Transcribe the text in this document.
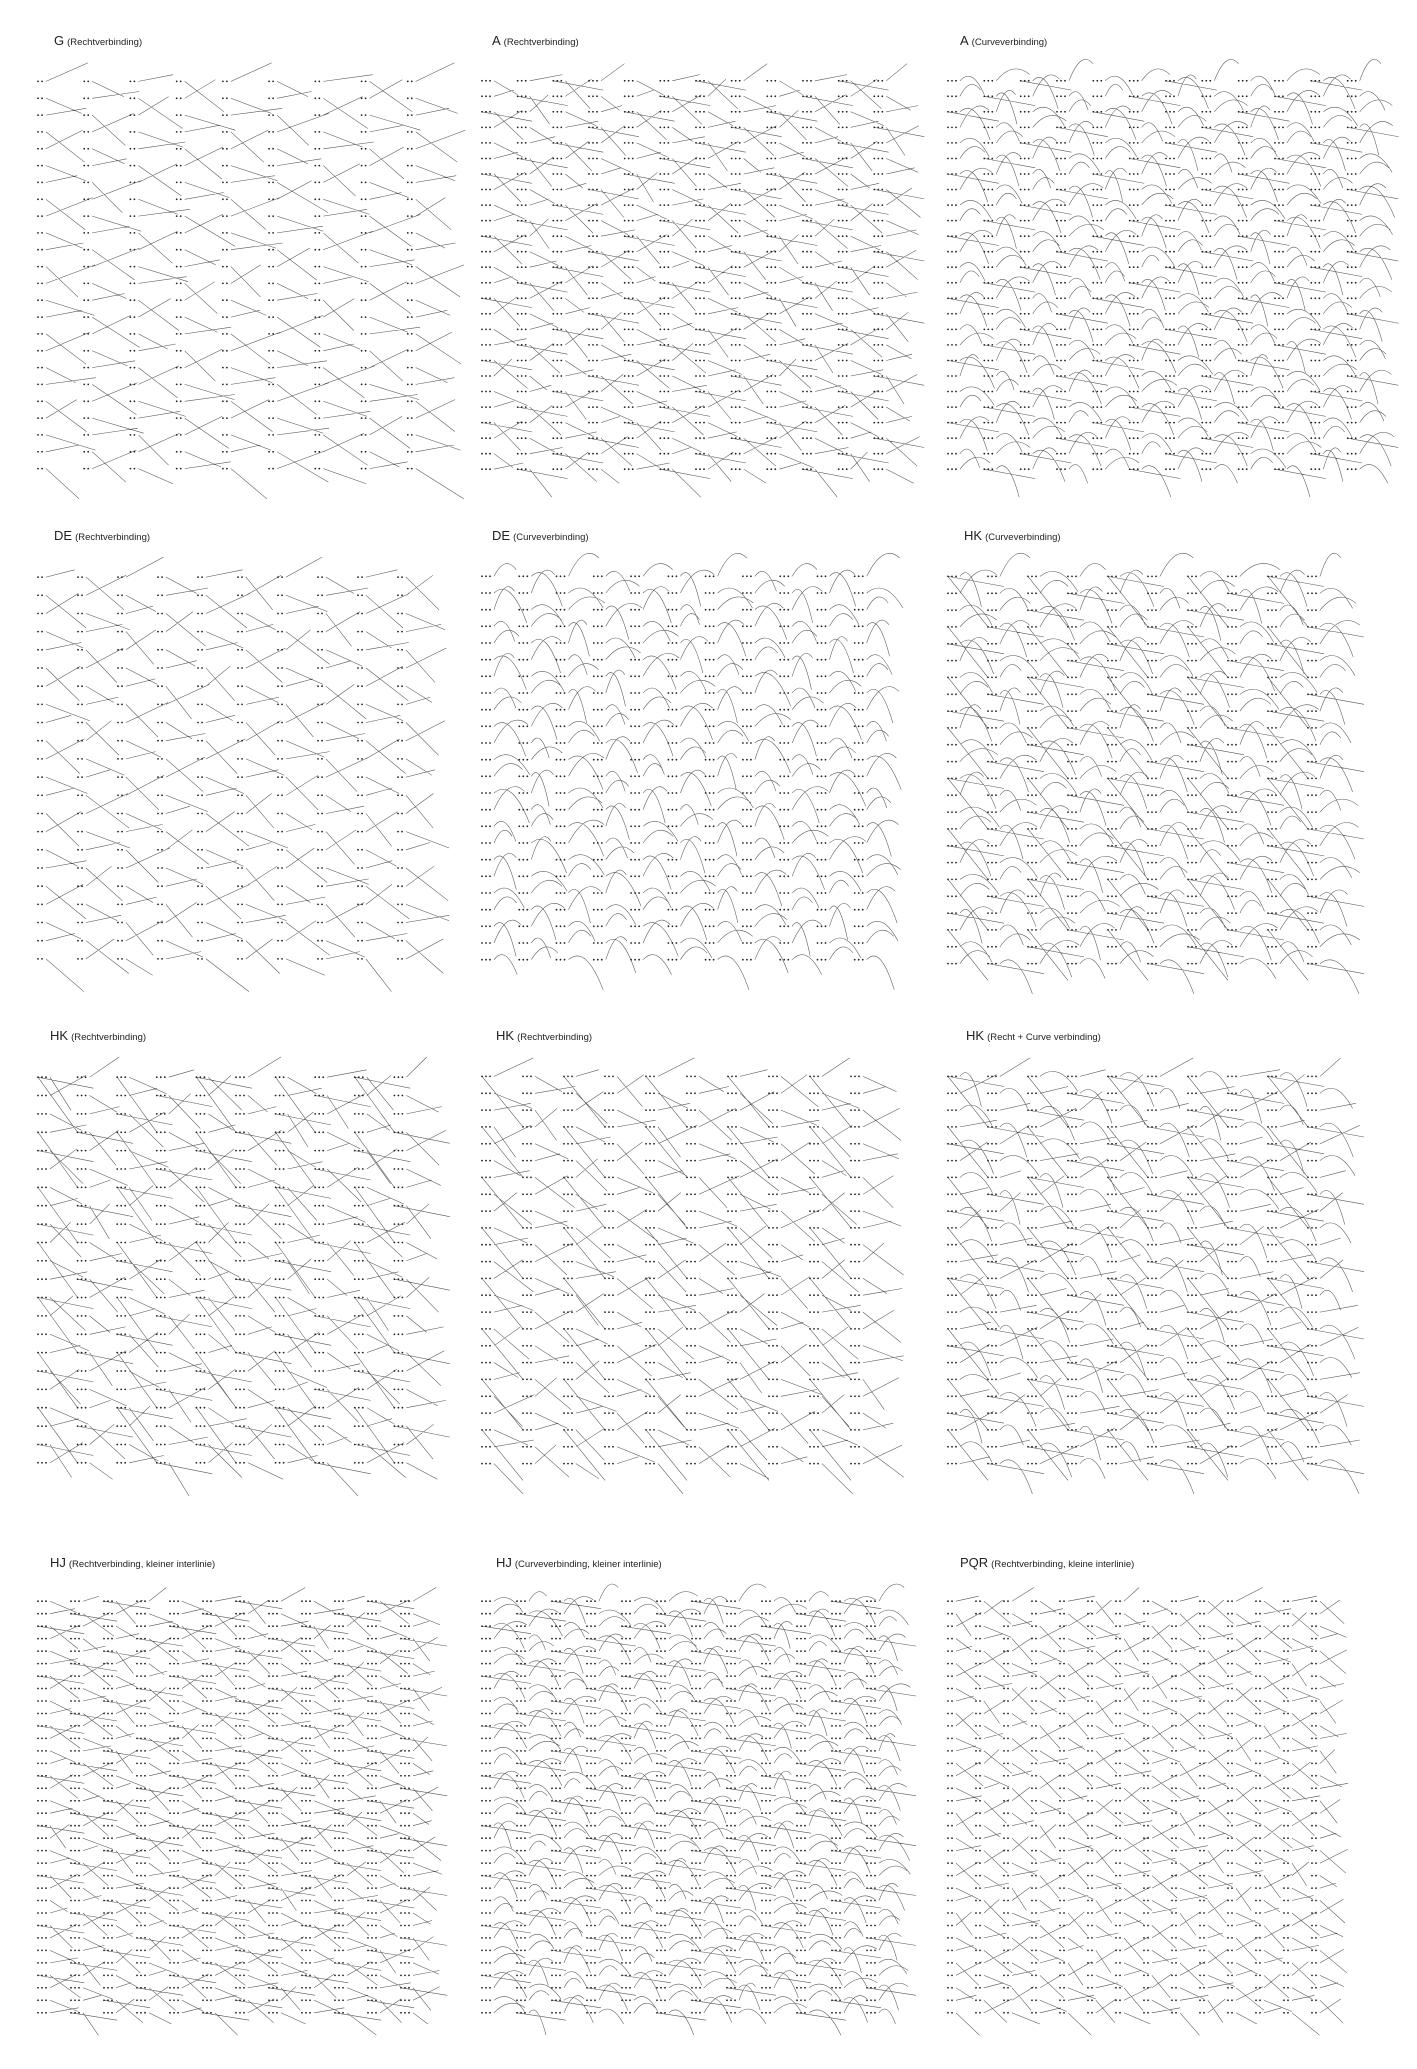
G (Rechtverbinding)	A (Rechtverbinding)	A (Curveverbinding)
DE (Rechtverbinding)	DE (Curveverbinding)	HK (Curveverbinding)
HK (Rechtverbinding)	HK (Rechtverbinding)	HK (Recht + Curve verbinding)
HJ (Rechtverbinding, kleiner interlinie)	HJ (Curveverbinding, kleiner interlinie)	PQR (Rechtverbinding, kleine interlinie)
